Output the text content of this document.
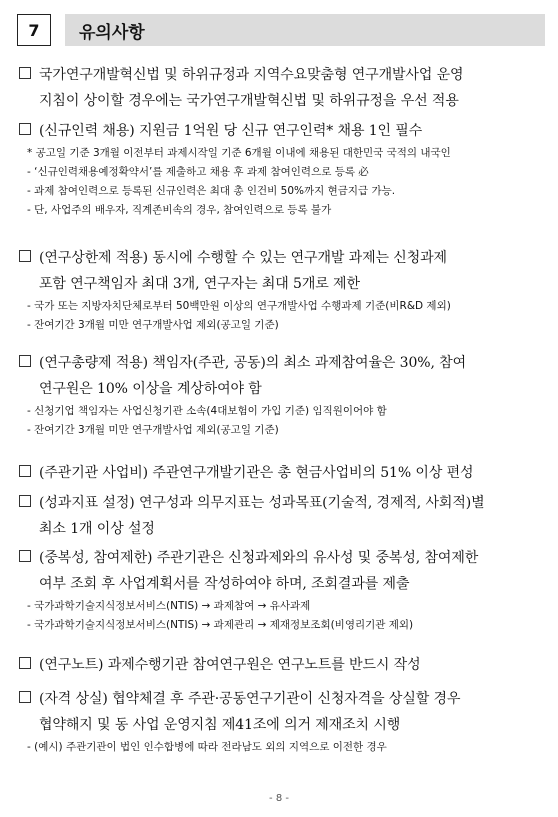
7	유의사항
국가연구개발혁신법 및 하위규정과 지역수요맞춤형 연구개발사업 운영
지침이 상이할 경우에는 국가연구개발혁신법 및 하위규정을 우선 적용
(신규인력 채용) 지원금 1억원 당 신규 연구인력* 채용 1인 필수
* 공고일 기준 3개월 이전부터 과제시작일 기준 6개월 이내에 채용된 대한민국 국적의 내국인
- ‘신규인력채용예정확약서’를 제출하고 채용 후 과제 참여인력으로 등록 必
- 과제 참여인력으로 등록된 신규인력은 최대 총 인건비 50%까지 현금지급 가능.
- 단, 사업주의 배우자, 직계존비속의 경우, 참여인력으로 등록 불가
(연구상한제 적용) 동시에 수행할 수 있는 연구개발 과제는 신청과제
포함 연구책임자 최대 3개, 연구자는 최대 5개로 제한
- 국가 또는 지방자치단체로부터 50백만원 이상의 연구개발사업 수행과제 기준(비R&D 제외)
- 잔여기간 3개월 미만 연구개발사업 제외(공고일 기준)
(연구총량제 적용) 책임자(주관, 공동)의 최소 과제참여율은 30%, 참여
연구원은 10% 이상을 계상하여야 함
- 신청기업 책임자는 사업신청기관 소속(4대보험이 가입 기준) 임직원이어야 함
- 잔여기간 3개월 미만 연구개발사업 제외(공고일 기준)
(주관기관 사업비) 주관연구개발기관은 총 현금사업비의 51% 이상 편성
(성과지표 설정) 연구성과 의무지표는 성과목표(기술적, 경제적, 사회적)별
최소 1개 이상 설정
(중복성, 참여제한) 주관기관은 신청과제와의 유사성 및 중복성, 참여제한
여부 조회 후 사업계획서를 작성하여야 하며, 조회결과를 제출
- 국가과학기술지식정보서비스(NTIS) → 과제참여 → 유사과제
- 국가과학기술지식정보서비스(NTIS) → 과제관리 → 제재정보조회(비영리기관 제외)
(연구노트) 과제수행기관 참여연구원은 연구노트를 반드시 작성
(자격 상실) 협약체결 후 주관·공동연구기관이 신청자격을 상실할 경우
협약해지 및 동 사업 운영지침 제41조에 의거 제재조치 시행
- (예시) 주관기관이 법인 인수합병에 따라 전라남도 외의 지역으로 이전한 경우
- 8 -
